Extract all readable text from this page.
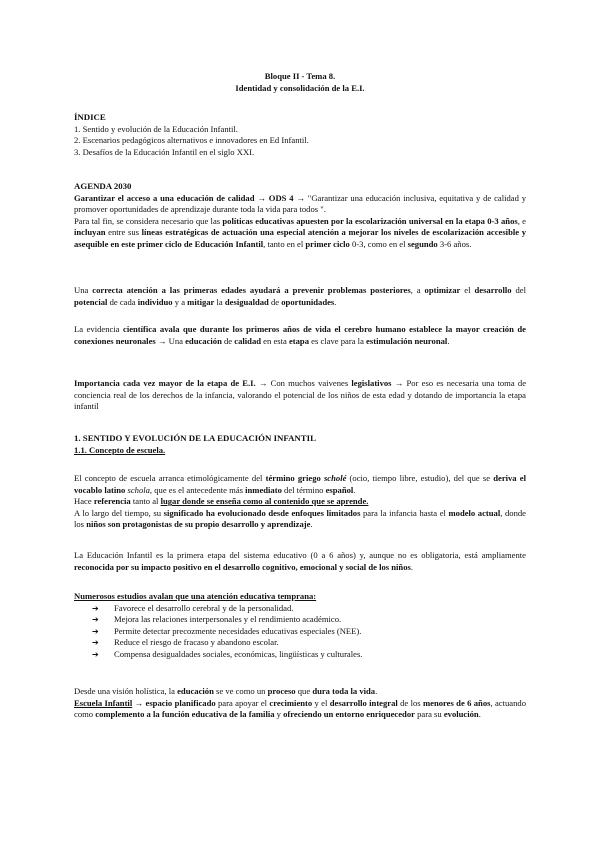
Bloque II - Tema 8.
Identidad y consolidación de la E.I.
ÍNDICE
1. Sentido y evolución de la Educación Infantil.
2. Escenarios pedagógicos alternativos e innovadores en Ed Infantil.
3. Desafíos de la Educación Infantil en el siglo XXI.
AGENDA 2030

Garantizar el acceso a una educación de calidad → ODS 4 → "Garantizar una educación inclusiva, equitativa y de calidad y promover oportunidades de aprendizaje durante toda la vida para todos ".

Para tal fin, se considera necesario que las políticas educativas apuesten por la escolarización universal en la etapa 0-3 años, e incluyan entre sus líneas estratégicas de actuación una especial atención a mejorar los niveles de escolarización accesible y asequible en este primer ciclo de Educación Infantil, tanto en el primer ciclo 0-3, como en el segundo 3-6 años.

Una correcta atención a las primeras edades ayudará a prevenir problemas posteriores, a optimizar el desarrollo del potencial de cada individuo y a mitigar la desigualdad de oportunidades.

La evidencia científica avala que durante los primeros años de vida el cerebro humano establece la mayor creación de conexiones neuronales → Una educación de calidad en esta etapa es clave para la estimulación neuronal.

Importancia cada vez mayor de la etapa de E.I. → Con muchos vaivenes legislativos → Por eso es necesaria una toma de conciencia real de los derechos de la infancia, valorando el potencial de los niños de esta edad y dotando de importancia la etapa infantil

1. SENTIDO Y EVOLUCIÓN DE LA EDUCACIÓN INFANTIL
1.1. Concepto de escuela.

El concepto de escuela arranca etimológicamente del término griego scholé (ocio, tiempo libre, estudio), del que se deriva el vocablo latino schola, que es el antecedente más inmediato del término español.

Hace referencia tanto al lugar donde se enseña como al contenido que se aprende.

A lo largo del tiempo, su significado ha evolucionado desde enfoques limitados para la infancia hasta el modelo actual, donde los niños son protagonistas de su propio desarrollo y aprendizaje.

La Educación Infantil es la primera etapa del sistema educativo (0 a 6 años) y, aunque no es obligatoria, está ampliamente reconocida por su impacto positivo en el desarrollo cognitivo, emocional y social de los niños.

Numerosos estudios avalan que una atención educativa temprana:
➔ Favorece el desarrollo cerebral y de la personalidad.
➔ Mejora las relaciones interpersonales y el rendimiento académico.
➔ Permite detectar precozmente necesidades educativas especiales (NEE).
➔ Reduce el riesgo de fracaso y abandono escolar.
➔ Compensa desigualdades sociales, económicas, lingüísticas y culturales.

Desde una visión holística, la educación se ve como un proceso que dura toda la vida.

Escuela Infantil → espacio planificado para apoyar el crecimiento y el desarrollo integral de los menores de 6 años, actuando como complemento a la función educativa de la familia y ofreciendo un entorno enriquecedor para su evolución.
